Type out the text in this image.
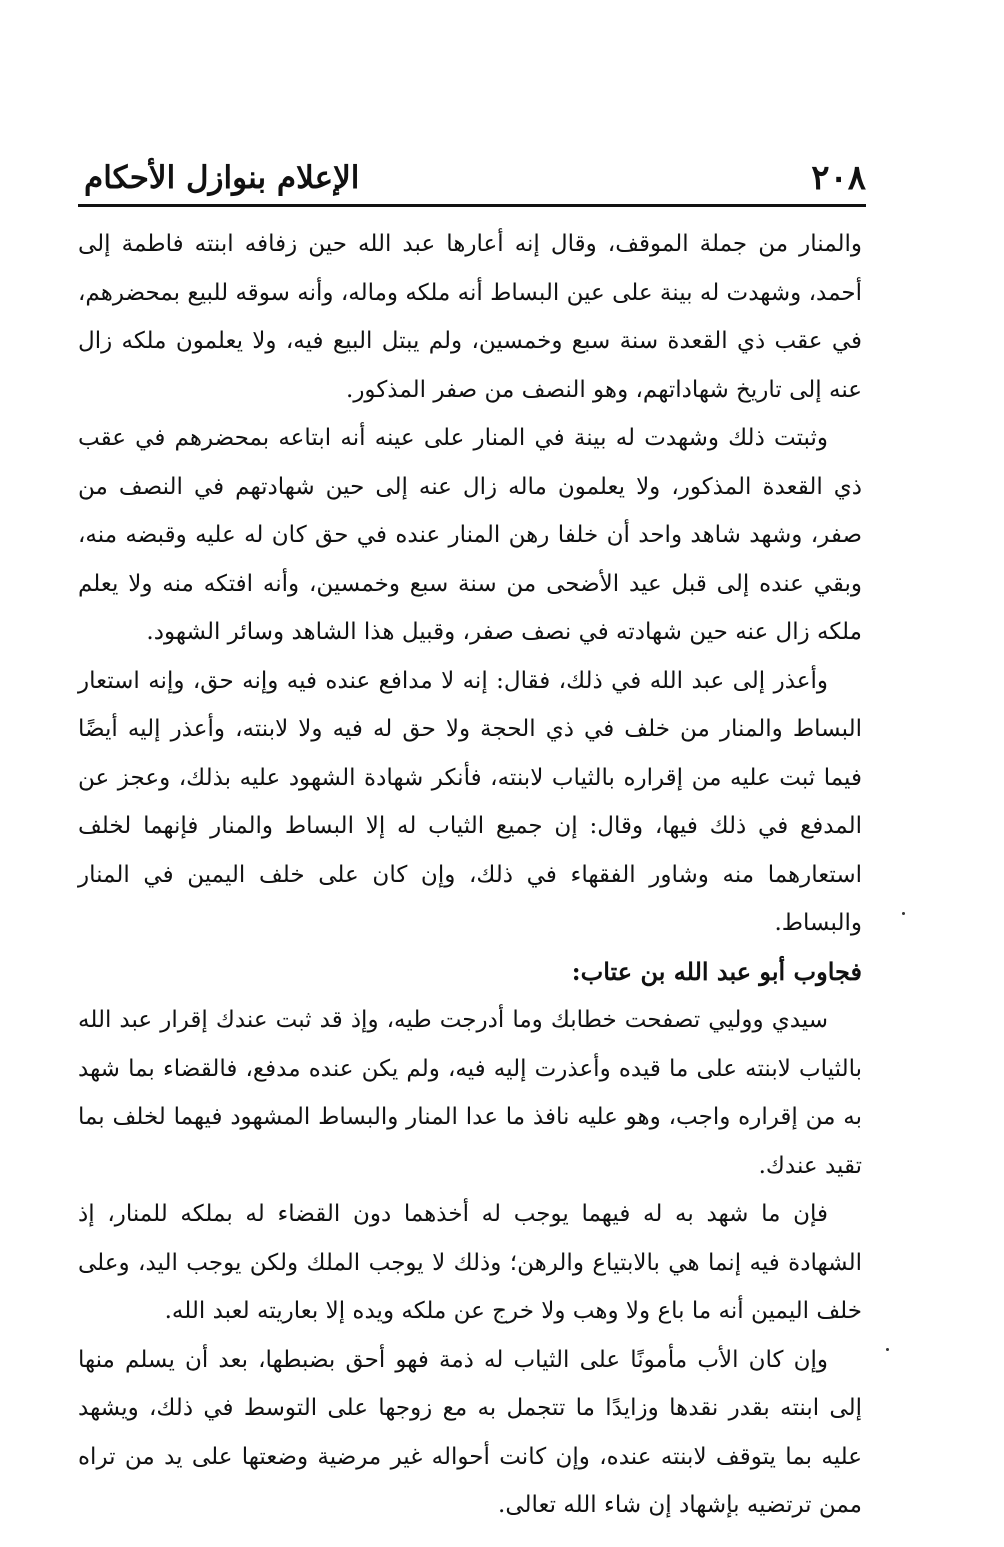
٢٠٨
الإعلام بنوازل الأحكام

والمنار من جملة الموقف، وقال إنه أعارها عبد الله حين زفافه ابنته فاطمة إلى أحمد، وشهدت له بينة على عين البساط أنه ملكه وماله، وأنه سوقه للبيع بمحضرهم، في عقب ذي القعدة سنة سبع وخمسين، ولم يبتل البيع فيه، ولا يعلمون ملكه زال عنه إلى تاريخ شهاداتهم، وهو النصف من صفر المذكور.

وثبتت ذلك وشهدت له بينة في المنار على عينه أنه ابتاعه بمحضرهم في عقب ذي القعدة المذكور، ولا يعلمون ماله زال عنه إلى حين شهادتهم في النصف من صفر، وشهد شاهد واحد أن خلفا رهن المنار عنده في حق كان له عليه وقبضه منه، وبقي عنده إلى قبل عيد الأضحى من سنة سبع وخمسين، وأنه افتكه منه ولا يعلم ملكه زال عنه حين شهادته في نصف صفر، وقبيل هذا الشاهد وسائر الشهود.

وأعذر إلى عبد الله في ذلك، فقال: إنه لا مدافع عنده فيه وإنه حق، وإنه استعار البساط والمنار من خلف في ذي الحجة ولا حق له فيه ولا لابنته، وأعذر إليه أيضًا فيما ثبت عليه من إقراره بالثياب لابنته، فأنكر شهادة الشهود عليه بذلك، وعجز عن المدفع في ذلك فيها، وقال: إن جميع الثياب له إلا البساط والمنار فإنهما لخلف استعارهما منه وشاور الفقهاء في ذلك، وإن كان على خلف اليمين في المنار والبساط.

فجاوب أبو عبد الله بن عتاب:

سيدي ووليي تصفحت خطابك وما أدرجت طيه، وإذ قد ثبت عندك إقرار عبد الله بالثياب لابنته على ما قيده وأعذرت إليه فيه، ولم يكن عنده مدفع، فالقضاء بما شهد به من إقراره واجب، وهو عليه نافذ ما عدا المنار والبساط المشهود فيهما لخلف بما تقيد عندك.

فإن ما شهد به له فيهما يوجب له أخذهما دون القضاء له بملكه للمنار، إذ الشهادة فيه إنما هي بالابتياع والرهن؛ وذلك لا يوجب الملك ولكن يوجب اليد، وعلى خلف اليمين أنه ما باع ولا وهب ولا خرج عن ملكه ويده إلا بعاريته لعبد الله.

وإن كان الأب مأمونًا على الثياب له ذمة فهو أحق بضبطها، بعد أن يسلم منها إلى ابنته بقدر نقدها وزايدًا ما تتجمل به مع زوجها على التوسط في ذلك، ويشهد عليه بما يتوقف لابنته عنده، وإن كانت أحواله غير مرضية وضعتها على يد من تراه ممن ترتضيه بإشهاد إن شاء الله تعالى.
